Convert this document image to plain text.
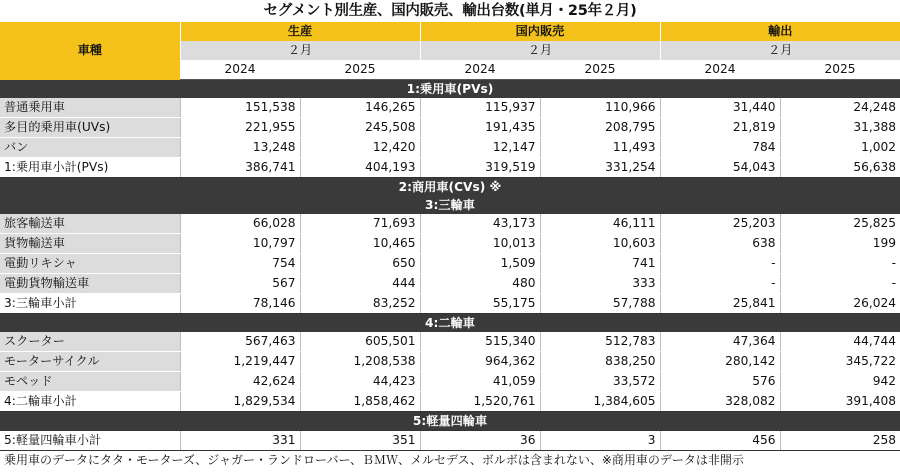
セグメント別生産、国内販売、輸出台数(単月・25年２月)
車種	生産		国内販売		輸出	
	２月		２月		２月	
	2024	2025	2024	2025	2024	2025
1:乗用車(PVs)						
普通乗用車	151,538	146,265	115,937	110,966	31,440	24,248
多目的乗用車(UVs)	221,955	245,508	191,435	208,795	21,819	31,388
バン	13,248	12,420	12,147	11,493	784	1,002
1:乗用車小計(PVs)	386,741	404,193	319,519	331,254	54,043	56,638
2:商用車(CVs) ※						
3:三輪車						
旅客輸送車	66,028	71,693	43,173	46,111	25,203	25,825
貨物輸送車	10,797	10,465	10,013	10,603	638	199
電動リキシャ	754	650	1,509	741	-	-
電動貨物輸送車	567	444	480	333	-	-
3:三輪車小計	78,146	83,252	55,175	57,788	25,841	26,024
4:二輪車						
スクーター	567,463	605,501	515,340	512,783	47,364	44,744
モーターサイクル	1,219,447	1,208,538	964,362	838,250	280,142	345,722
モペッド	42,624	44,423	41,059	33,572	576	942
4:二輪車小計	1,829,534	1,858,462	1,520,761	1,384,605	328,082	391,408
5:軽量四輪車						
5:軽量四輪車小計	331	351	36	3	456	258
乗用車のデータにタタ・モーターズ、ジャガー・ランドローバー、ＢＭＷ、メルセデス、ボルボは含まれない、※商用車のデータは非開示
